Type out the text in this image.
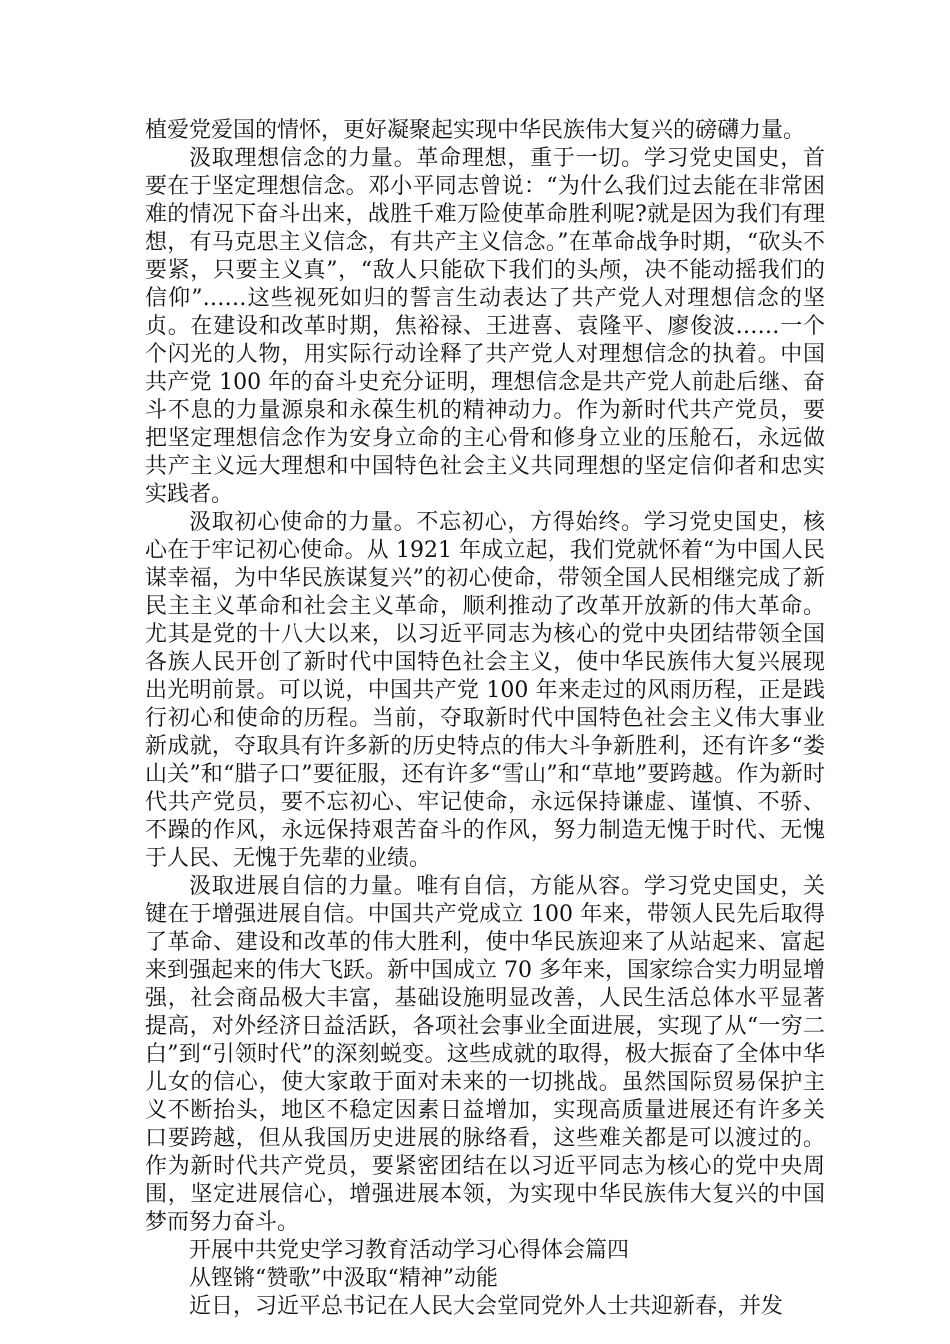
植爱党爱国的情怀，更好凝聚起实现中华民族伟大复兴的磅礴力量。

汲取理想信念的力量。革命理想，重于一切。学习党史国史，首要在于坚定理想信念。邓小平同志曾说：“为什么我们过去能在非常困难的情况下奋斗出来，战胜千难万险使革命胜利呢?就是因为我们有理想，有马克思主义信念，有共产主义信念。”在革命战争时期，“砍头不要紧，只要主义真”，“敌人只能砍下我们的头颅，决不能动摇我们的信仰”……这些视死如归的誓言生动表达了共产党人对理想信念的坚贞。在建设和改革时期，焦裕禄、王进喜、袁隆平、廖俊波……一个个闪光的人物，用实际行动诠释了共产党人对理想信念的执着。中国共产党 100 年的奋斗史充分证明，理想信念是共产党人前赴后继、奋斗不息的力量源泉和永葆生机的精神动力。作为新时代共产党员，要把坚定理想信念作为安身立命的主心骨和修身立业的压舱石，永远做共产主义远大理想和中国特色社会主义共同理想的坚定信仰者和忠实实践者。

汲取初心使命的力量。不忘初心，方得始终。学习党史国史，核心在于牢记初心使命。从 1921 年成立起，我们党就怀着“为中国人民谋幸福，为中华民族谋复兴”的初心使命，带领全国人民相继完成了新民主主义革命和社会主义革命，顺利推动了改革开放新的伟大革命。尤其是党的十八大以来，以习近平同志为核心的党中央团结带领全国各族人民开创了新时代中国特色社会主义，使中华民族伟大复兴展现出光明前景。可以说，中国共产党 100 年来走过的风雨历程，正是践行初心和使命的历程。当前，夺取新时代中国特色社会主义伟大事业新成就，夺取具有许多新的历史特点的伟大斗争新胜利，还有许多“娄山关”和“腊子口”要征服，还有许多“雪山”和“草地”要跨越。作为新时代共产党员，要不忘初心、牢记使命，永远保持谦虚、谨慎、不骄、不躁的作风，永远保持艰苦奋斗的作风，努力制造无愧于时代、无愧于人民、无愧于先辈的业绩。

汲取进展自信的力量。唯有自信，方能从容。学习党史国史，关键在于增强进展自信。中国共产党成立 100 年来，带领人民先后取得了革命、建设和改革的伟大胜利，使中华民族迎来了从站起来、富起来到强起来的伟大飞跃。新中国成立 70 多年来，国家综合实力明显增强，社会商品极大丰富，基础设施明显改善，人民生活总体水平显著提高，对外经济日益活跃，各项社会事业全面进展，实现了从“一穷二白”到“引领时代”的深刻蜕变。这些成就的取得，极大振奋了全体中华儿女的信心，使大家敢于面对未来的一切挑战。虽然国际贸易保护主义不断抬头，地区不稳定因素日益增加，实现高质量进展还有许多关口要跨越，但从我国历史进展的脉络看，这些难关都是可以渡过的。作为新时代共产党员，要紧密团结在以习近平同志为核心的党中央周围，坚定进展信心，增强进展本领，为实现中华民族伟大复兴的中国梦而努力奋斗。

开展中共党史学习教育活动学习心得体会篇四

从铿锵“赞歌”中汲取“精神”动能

近日，习近平总书记在人民大会堂同党外人士共迎新春，并发
